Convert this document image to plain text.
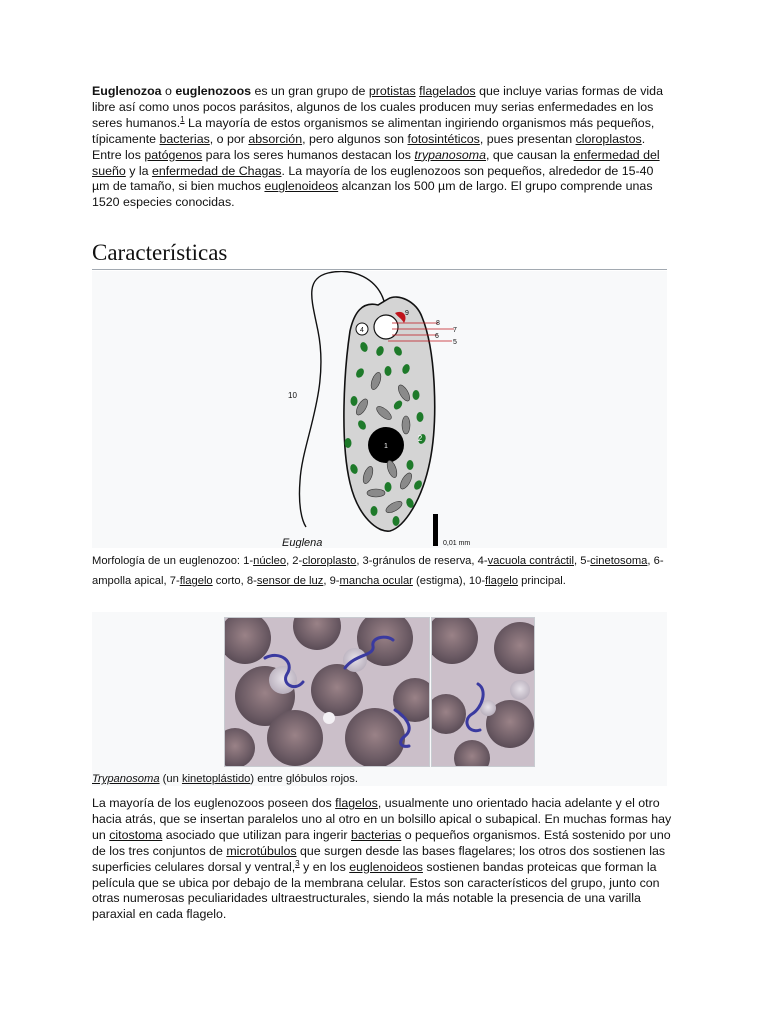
Euglenozoa o euglenozoos es un gran grupo de protistas flagelados que incluye varias formas de vida libre así como unos pocos parásitos, algunos de los cuales producen muy serias enfermedades en los seres humanos.$^1$ La mayoría de estos organismos se alimentan ingiriendo organismos más pequeños, típicamente bacterias, o por absorción, pero algunos son fotosintéticos, pues presentan cloroplastos. Entre los patógenos para los seres humanos destacan los trypanosoma, que causan la enfermedad del sueño y la enfermedad de Chagas. La mayoría de los euglenozoos son pequeños, alrededor de 15-40 µm de tamaño, si bien muchos euglenoideos alcanzan los 500 µm de largo. El grupo comprende unas 1520 especies conocidas.

Características
1
2
4
5
6
7
8
9
10
Euglena	0,01 mm

Morfología de un euglenozoo: 1-núcleo, 2-cloroplasto, 3-gránulos de reserva, 4-vacuola contráctil, 5-cinetosoma, 6-ampolla apical, 7-flagelo corto, 8-sensor de luz, 9-mancha ocular (estigma), 10-flagelo principal.

Trypanosoma (un kinetoplástido) entre glóbulos rojos.

La mayoría de los euglenozoos poseen dos flagelos, usualmente uno orientado hacia adelante y el otro hacia atrás, que se insertan paralelos uno al otro en un bolsillo apical o subapical. En muchas formas hay un citostoma asociado que utilizan para ingerir bacterias o pequeños organismos. Está sostenido por uno de los tres conjuntos de microtúbulos que surgen desde las bases flagelares; los otros dos sostienen las superficies celulares dorsal y ventral,$^3$ y en los euglenoideos sostienen bandas proteicas que forman la película que se ubica por debajo de la membrana celular. Estos son característicos del grupo, junto con otras numerosas peculiaridades ultraestructurales, siendo la más notable la presencia de una varilla paraxial en cada flagelo.
